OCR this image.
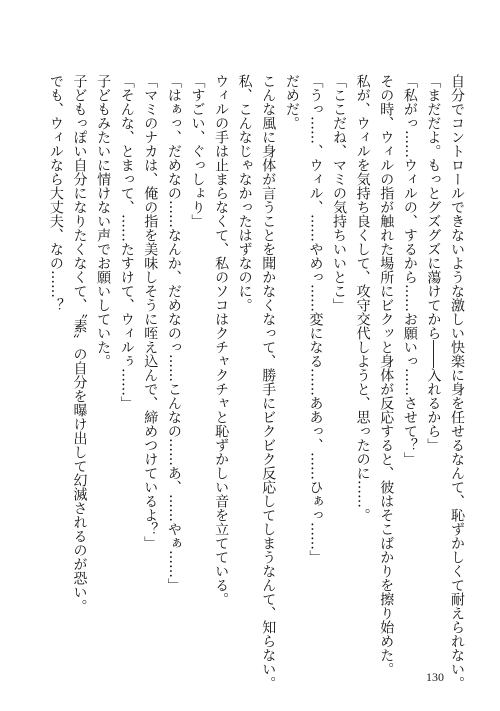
自分でコントロールできないような激しい快楽に身を任せるなんて、恥ずかしくて耐えられない。
「まだだよ。もっとグズグズに蕩けてから――入れるから」
「私がっ……ウィルの、するから……お願いっ……させて？」
その時、ウィルの指が触れた場所にビクッと身体が反応すると、彼はそこばかりを擦り始めた。
私が、ウィルを気持ち良くして、攻守交代しようと、思ったのに……。
「ここだね、マミの気持ちいいとこ」
「うっ……、ウィル、……やめっ……変になる……ああっ、……ひぁっ……」
だめだ。
こんな風に身体が言うことを聞かなくなって、勝手にビクビク反応してしまうなんて、知らない。
私、こんなじゃなかったはずなのに。
ウィルの手は止まらなくて、私のソコはクチャクチャと恥ずかしい音を立てている。
「すごい、ぐっしょり」
「はぁっ、だめなの……なんか、だめなのっ……こんなの……あ、……やぁ……」
「マミのナカは、俺の指を美味しそうに咥え込んで、締めつけているよ？」
「そんな、とまって、……たすけて、ウィルぅ……」
子どもみたいに情けない声でお願いしていた。
子どもっぽい自分になりたくなくて、〝素〟の自分を曝け出して幻滅されるのが恐い。
でも、ウィルなら大丈夫、なの……？
130
